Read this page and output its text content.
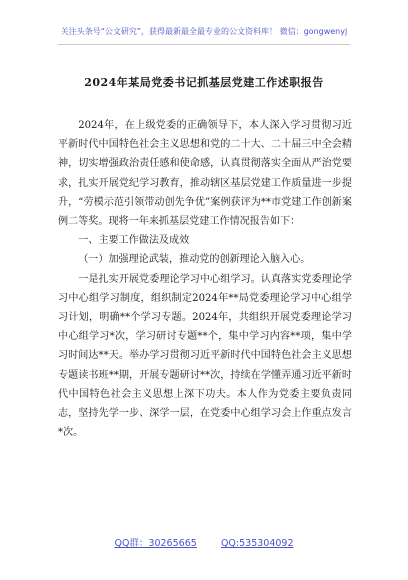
关注头条号“公文研究”，获得最新最全最专业的公文资料库！ 微信：gongwenyj
2024年某局党委书记抓基层党建工作述职报告

2024年，在上级党委的正确领导下，本人深入学习贯彻习近平新时代中国特色社会主义思想和党的二十大、二十届三中全会精神，切实增强政治责任感和使命感，认真贯彻落实全面从严治党要求，扎实开展党纪学习教育，推动辖区基层党建工作质量进一步提升，“劳模示范引领带动创先争优”案例获评为**市党建工作创新案例二等奖。现将一年来抓基层党建工作情况报告如下：

一、主要工作做法及成效

（一）加强理论武装，推动党的创新理论入脑入心。

一是扎实开展党委理论学习中心组学习。认真落实党委理论学习中心组学习制度，组织制定2024年**局党委理论学习中心组学习计划，明确**个学习专题。2024年，共组织开展党委理论学习中心组学习*次，学习研讨专题**个，集中学习内容**项，集中学习时间达**天。举办学习贯彻习近平新时代中国特色社会主义思想专题读书班**期，开展专题研讨**次，持续在学懂弄通习近平新时代中国特色社会主义思想上深下功夫。本人作为党委主要负责同志，坚持先学一步、深学一层，在党委中心组学习会上作重点发言*次。

QQ群：30265665	QQ:535304092
